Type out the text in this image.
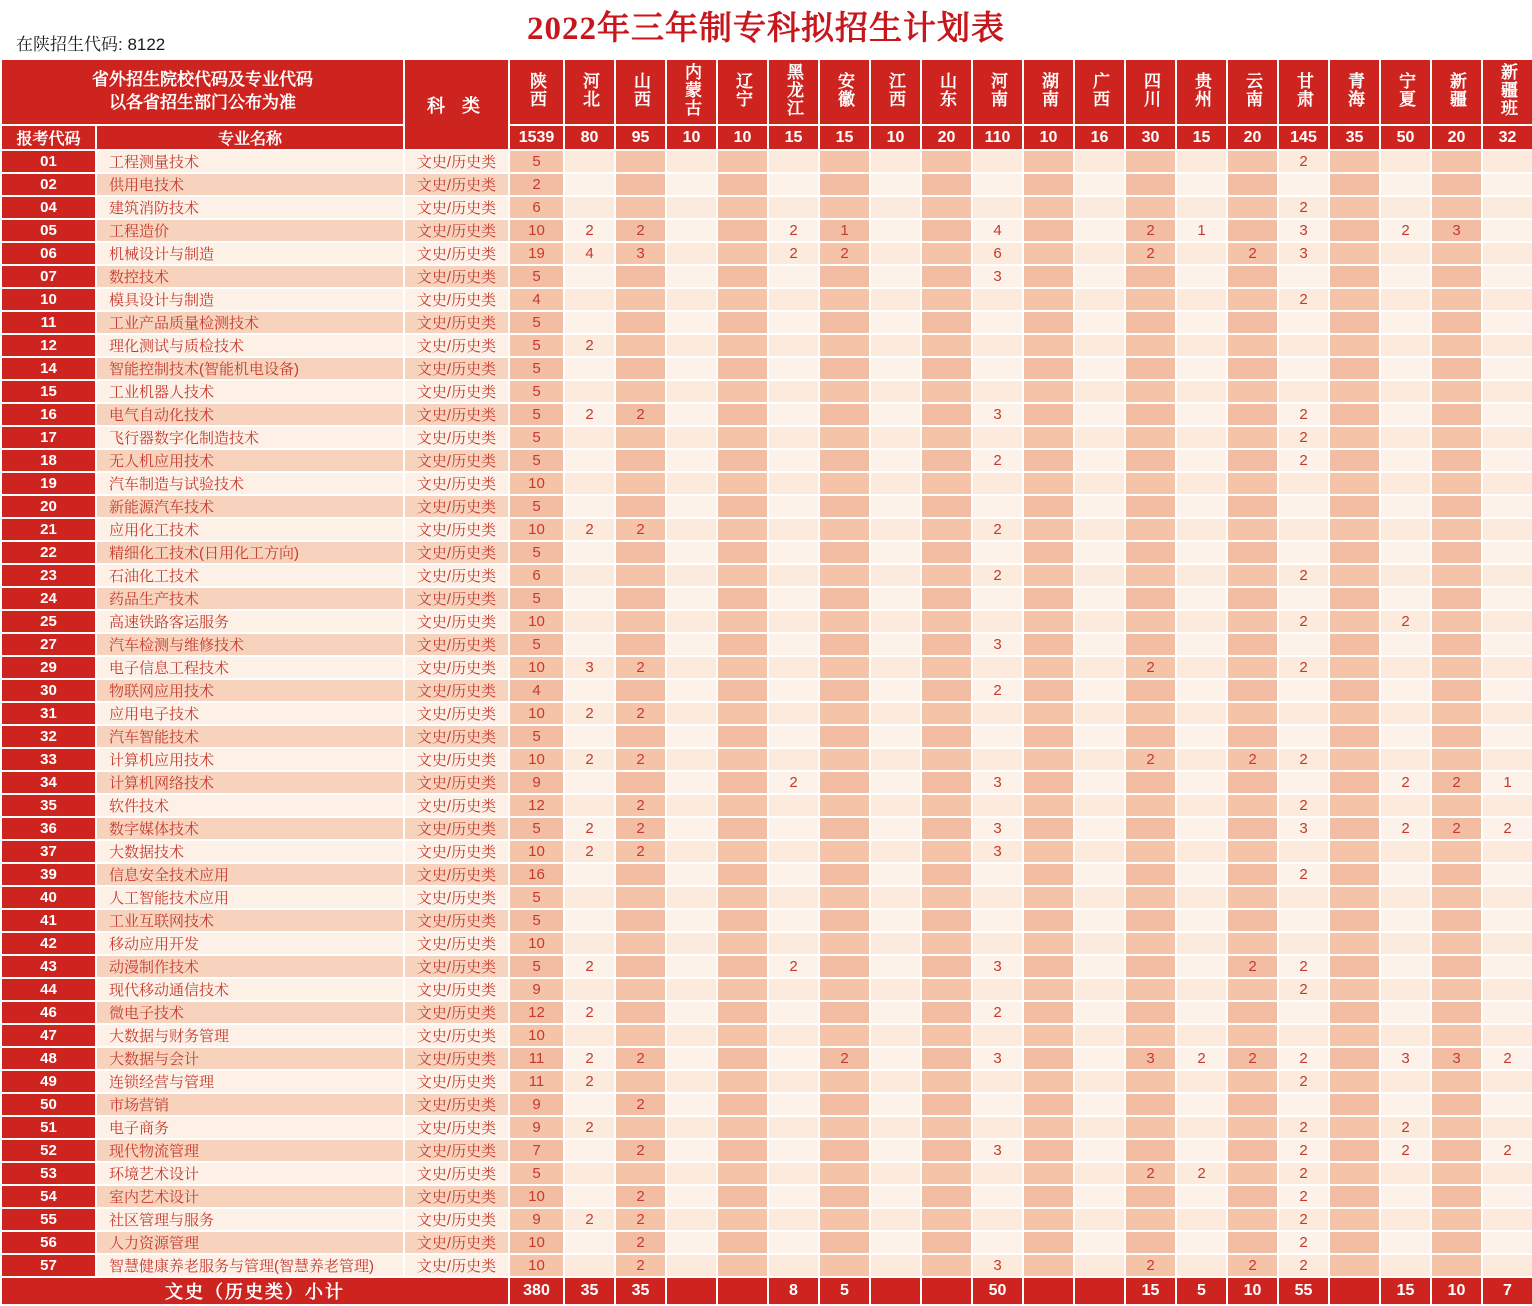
在陕招生代码: 8122	2022年三年制专科拟招生计划表
省外招生院校代码及专业代码
以各省招生部门公布为准		科 类	陕西	河北	山西	内蒙古	辽宁	黑龙江	安徽	江西	山东	河南	湖南	广西	四川	贵州	云南	甘肃	青海	宁夏	新疆	新疆班
报考代码	专业名称		1539	80	95	10	10	15	15	10	20	110	10	16	30	15	20	145	35	50	20	32
01	工程测量技术	文史/历史类	5															2				
02	供用电技术	文史/历史类	2																			
04	建筑消防技术	文史/历史类	6															2				
05	工程造价	文史/历史类	10	2	2			2	1			4			2	1		3		2	3	
06	机械设计与制造	文史/历史类	19	4	3			2	2			6			2		2	3				
07	数控技术	文史/历史类	5									3										
10	模具设计与制造	文史/历史类	4															2				
11	工业产品质量检测技术	文史/历史类	5																			
12	理化测试与质检技术	文史/历史类	5	2																		
14	智能控制技术(智能机电设备)	文史/历史类	5																			
15	工业机器人技术	文史/历史类	5																			
16	电气自动化技术	文史/历史类	5	2	2							3						2				
17	飞行器数字化制造技术	文史/历史类	5															2				
18	无人机应用技术	文史/历史类	5									2						2				
19	汽车制造与试验技术	文史/历史类	10																			
20	新能源汽车技术	文史/历史类	5																			
21	应用化工技术	文史/历史类	10	2	2							2										
22	精细化工技术(日用化工方向)	文史/历史类	5																			
23	石油化工技术	文史/历史类	6									2						2				
24	药品生产技术	文史/历史类	5																			
25	高速铁路客运服务	文史/历史类	10															2		2		
27	汽车检测与维修技术	文史/历史类	5									3										
29	电子信息工程技术	文史/历史类	10	3	2										2			2				
30	物联网应用技术	文史/历史类	4									2										
31	应用电子技术	文史/历史类	10	2	2																	
32	汽车智能技术	文史/历史类	5																			
33	计算机应用技术	文史/历史类	10	2	2										2		2	2				
34	计算机网络技术	文史/历史类	9					2				3								2	2	1
35	软件技术	文史/历史类	12		2													2				
36	数字媒体技术	文史/历史类	5	2	2							3						3		2	2	2
37	大数据技术	文史/历史类	10	2	2							3										
39	信息安全技术应用	文史/历史类	16															2				
40	人工智能技术应用	文史/历史类	5																			
41	工业互联网技术	文史/历史类	5																			
42	移动应用开发	文史/历史类	10																			
43	动漫制作技术	文史/历史类	5	2				2				3					2	2				
44	现代移动通信技术	文史/历史类	9															2				
46	微电子技术	文史/历史类	12	2								2										
47	大数据与财务管理	文史/历史类	10																			
48	大数据与会计	文史/历史类	11	2	2				2			3			3	2	2	2		3	3	2
49	连锁经营与管理	文史/历史类	11	2														2				
50	市场营销	文史/历史类	9		2																	
51	电子商务	文史/历史类	9	2														2		2		
52	现代物流管理	文史/历史类	7		2							3						2		2		2
53	环境艺术设计	文史/历史类	5												2	2		2				
54	室内艺术设计	文史/历史类	10		2													2				
55	社区管理与服务	文史/历史类	9	2	2													2				
56	人力资源管理	文史/历史类	10		2													2				
57	智慧健康养老服务与管理(智慧养老管理)	文史/历史类	10		2							3			2		2	2				
文史（历史类）小计			380	35	35			8	5			50			15	5	10	55		15	10	7
